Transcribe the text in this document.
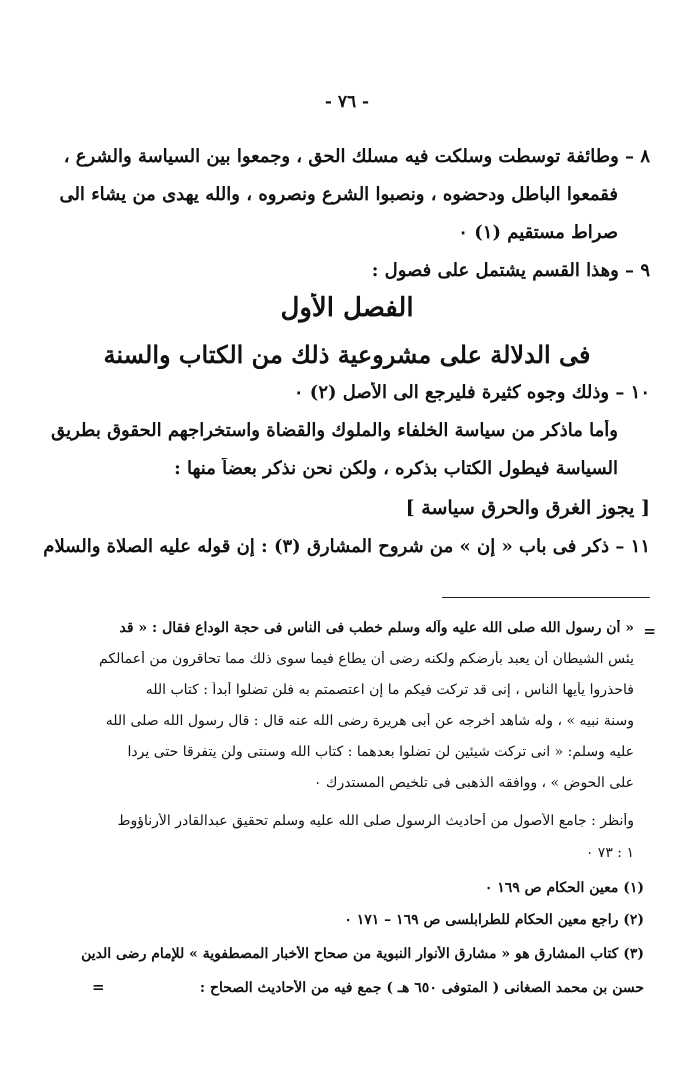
- ٧٦ -
٨ – وطائفة توسطت وسلكت فيه مسلك الحق ، وجمعوا بين السياسة والشرع ،
فقمعوا الباطل ودحضوه ، ونصبوا الشرع ونصروه ، والله يهدى من يشاء الى
صراط مستقيم (١) ٠
٩ – وهذا القسم يشتمل على فصول :
الفصل الأول
فى الدلالة على مشروعية ذلك من الكتاب والسنة
١٠ – وذلك وجوه كثيرة فليرجع الى الأصل (٢) ٠
وأما ماذكر من سياسة الخلفاء والملوك والقضاة واستخراجهم الحقوق بطريق
السياسة فيطول الكتاب بذكره ، ولكن نحن نذكر بعضاً منها :
[ يجوز الغرق والحرق سياسة ]
١١ – ذكر فى باب « إن » من شروح المشارق (٣) : إن قوله عليه الصلاة والسلام
« أن رسول الله صلى الله عليه وآله وسلم خطب فى الناس فى حجة الوداع فقال : « قد =
يئس الشيطان أن يعبد بأرضكم ولكنه رضى أن يطاع فيما سوى ذلك مما تحاقرون من أعمالكم
فاحذروا يأيها الناس ، إنى قد تركت فيكم ما إن اعتصمتم به فلن تضلوا أبداً : كتاب الله
وسنة نبيه » ، وله شاهد أخرجه عن أبى هريرة رضى الله عنه قال : قال رسول الله صلى الله
عليه وسلم: « انى تركت شيئين لن تضلوا بعدهما : كتاب الله وسنتى ولن يتفرقا حتى يردا
على الحوض » ، ووافقه الذهبى فى تلخيص المستدرك ٠
وأنظر : جامع الأصول من أحاديث الرسول صلى الله عليه وسلم تحقيق عبدالقادر الأرناؤوط
١ : ٧٣ ٠
(١) معين الحكام ص ١٦٩ ٠
(٢) راجع معين الحكام للطرابلسى ص ١٦٩ – ١٧١ ٠
(٣) كتاب المشارق هو « مشارق الأنوار النبوية من صحاح الأخبار المصطفوية » للإمام رضى الدين
حسن بن محمد الصغانى ( المتوفى ٦٥٠ هـ ) جمع فيه من الأحاديث الصحاح :
=
